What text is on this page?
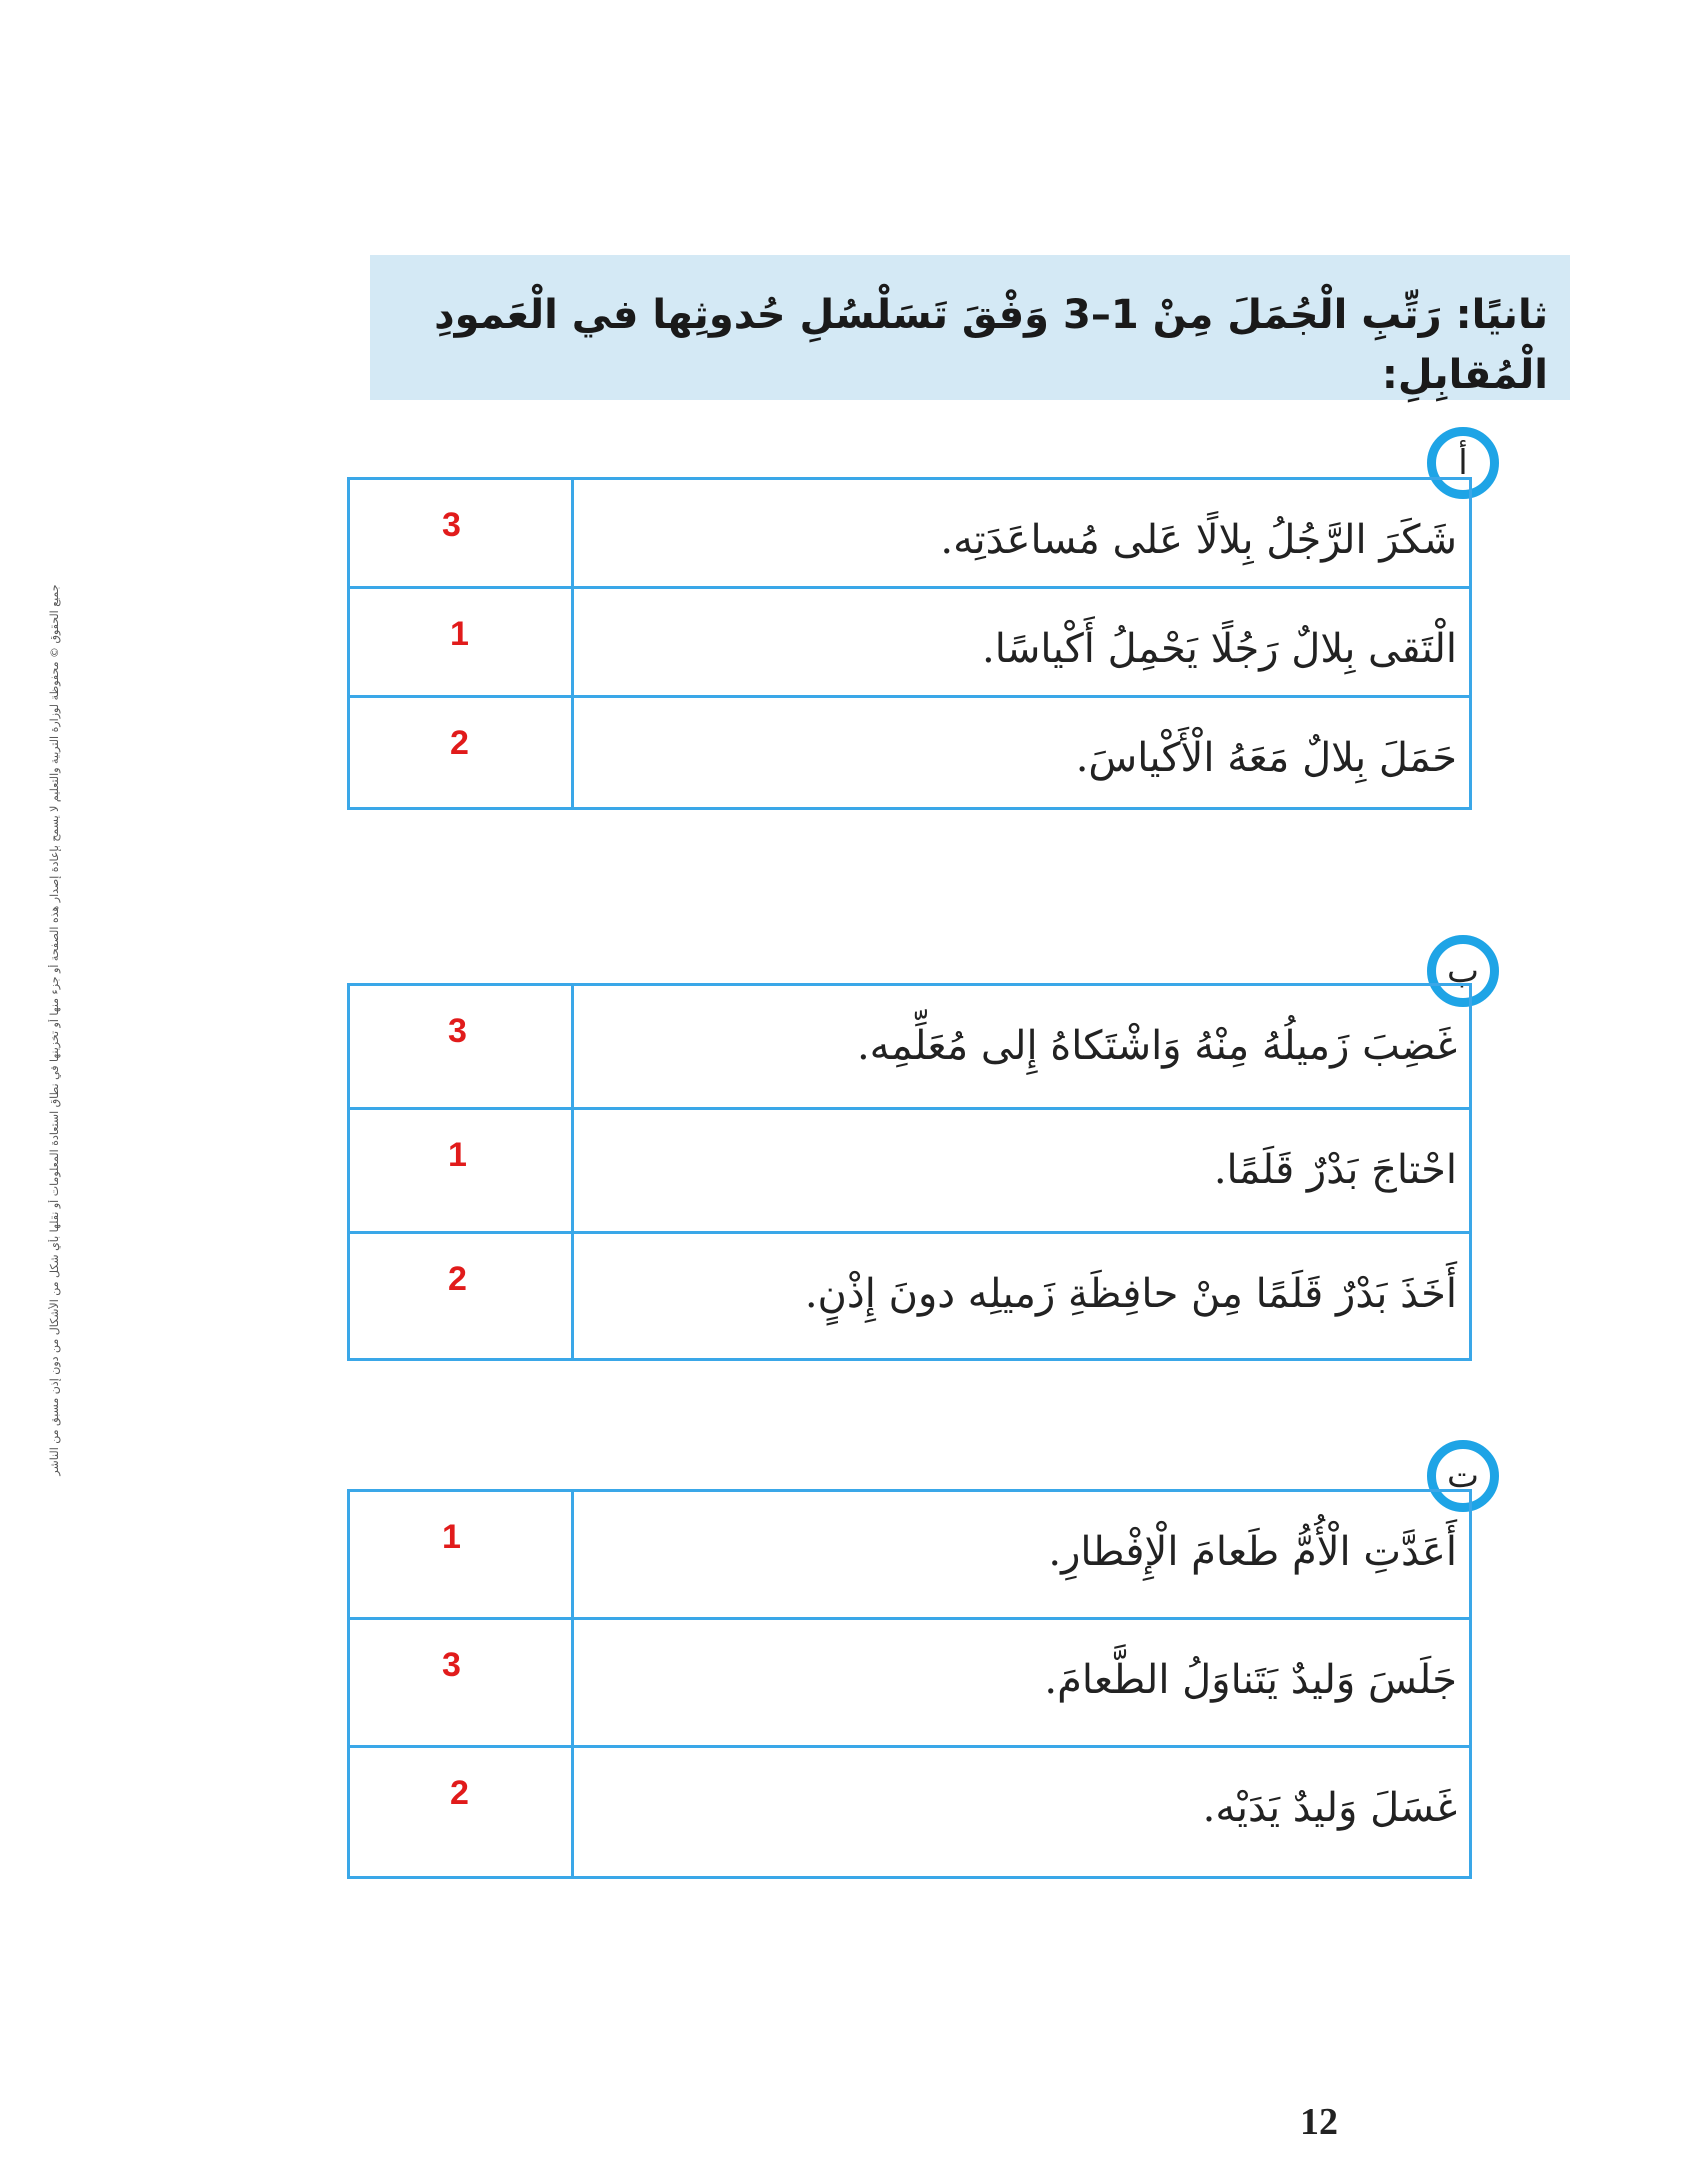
جميع الحقوق © محفوظة لوزارة التربية والتعليم لا يسمح بإعادة إصدار هذه الصفحة أو جزء منها أو تخزينها في نطاق استعادة المعلومات أو نقلها بأي شكل من الأشكال من دون إذن مسبق من الناشر
ثانيًا: رَتِّبِ الْجُمَلَ مِنْ 1–3 وَفْقَ تَسَلْسُلِ حُدوثِها في الْعَمودِ الْمُقابِلِ:
أ
3	شَكَرَ الرَّجُلُ بِلالًا عَلى مُساعَدَتِه.
1	الْتَقى بِلالٌ رَجُلًا يَحْمِلُ أَكْياسًا.
2	حَمَلَ بِلالٌ مَعَهُ الْأَكْياسَ.
ب
3	غَضِبَ زَميلُهُ مِنْهُ وَاشْتَكاهُ إِلى مُعَلِّمِه.
1	احْتاجَ بَدْرٌ قَلَمًا.
2	أَخَذَ بَدْرٌ قَلَمًا مِنْ حافِظَةِ زَميلِه دونَ إِذْنٍ.
ت
1	أَعَدَّتِ الْأُمُّ طَعامَ الْإِفْطارِ.
3	جَلَسَ وَليدٌ يَتَناوَلُ الطَّعامَ.
2	غَسَلَ وَليدٌ يَدَيْه.
12
